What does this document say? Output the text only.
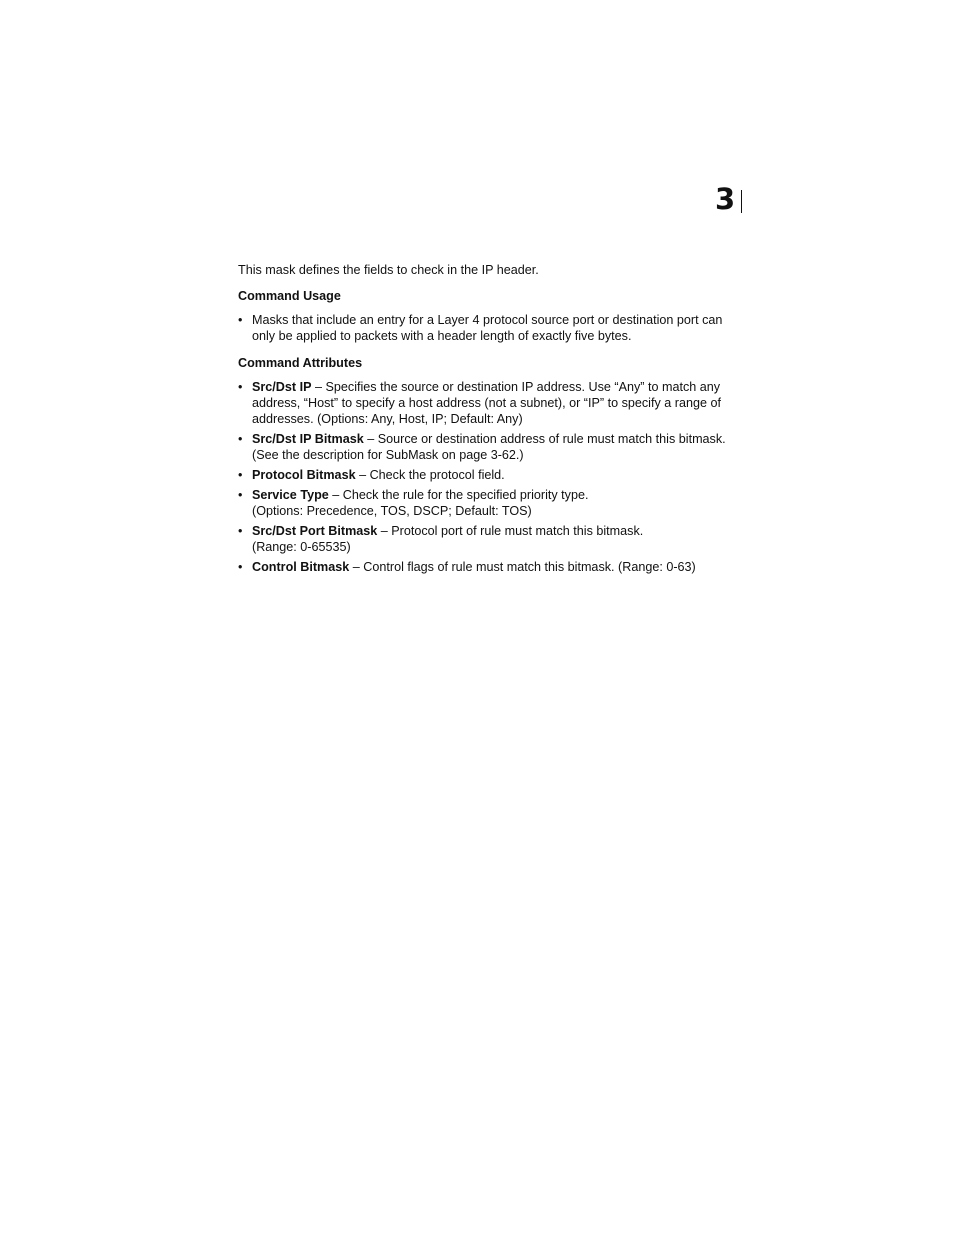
3

This mask defines the fields to check in the IP header.

Command Usage

• Masks that include an entry for a Layer 4 protocol source port or destination port can only be applied to packets with a header length of exactly five bytes.

Command Attributes

• Src/Dst IP – Specifies the source or destination IP address. Use “Any” to match any address, “Host” to specify a host address (not a subnet), or “IP” to specify a range of addresses. (Options: Any, Host, IP; Default: Any)
• Src/Dst IP Bitmask – Source or destination address of rule must match this bitmask. (See the description for SubMask on page 3-62.)
• Protocol Bitmask – Check the protocol field.
• Service Type – Check the rule for the specified priority type.
(Options: Precedence, TOS, DSCP; Default: TOS)
• Src/Dst Port Bitmask – Protocol port of rule must match this bitmask.
(Range: 0-65535)
• Control Bitmask – Control flags of rule must match this bitmask. (Range: 0-63)
